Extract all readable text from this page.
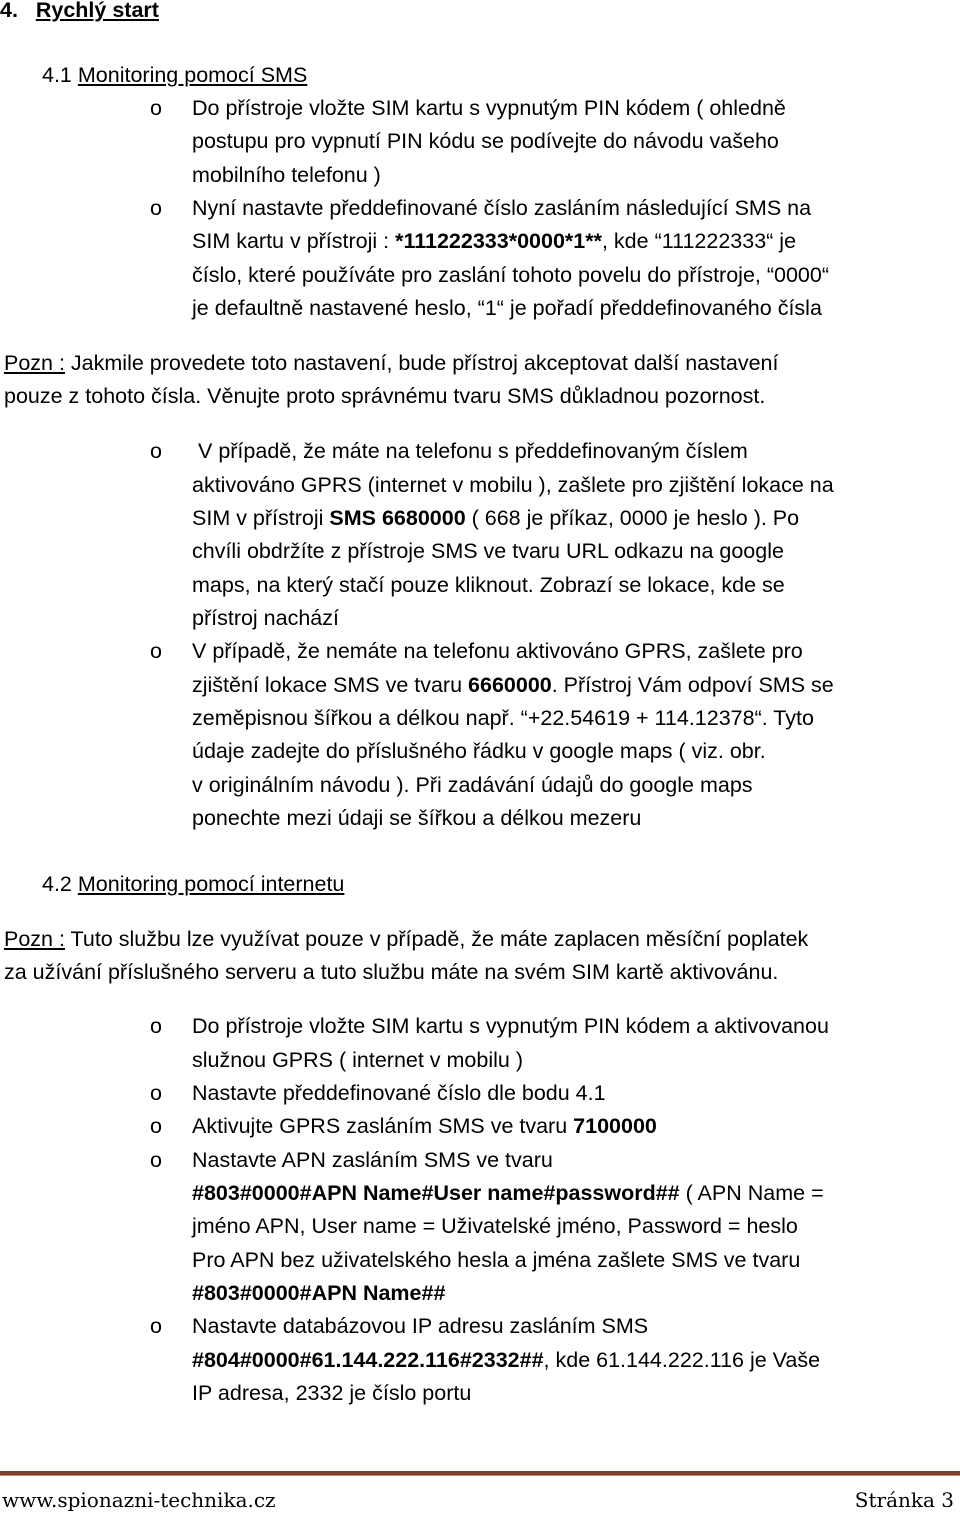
4. Rychlý start
4.1 Monitoring pomocí SMS
o Do přístroje vložte SIM kartu s vypnutým PIN kódem ( ohledně
postupu pro vypnutí PIN kódu se podívejte do návodu vašeho
mobilního telefonu )
o Nyní nastavte předdefinované číslo zasláním následující SMS na
SIM kartu v přístroji : *111222333*0000*1**, kde “111222333“ je
číslo, které používáte pro zaslání tohoto povelu do přístroje, “0000“
je defaultně nastavené heslo, “1“ je pořadí předdefinovaného čísla
Pozn : Jakmile provedete toto nastavení, bude přístroj akceptovat další nastavení
pouze z tohoto čísla. Věnujte proto správnému tvaru SMS důkladnou pozornost.
o V případě, že máte na telefonu s předdefinovaným číslem
aktivováno GPRS (internet v mobilu ), zašlete pro zjištění lokace na
SIM v přístroji SMS 6680000 ( 668 je příkaz, 0000 je heslo ). Po
chvíli obdržíte z přístroje SMS ve tvaru URL odkazu na google
maps, na který stačí pouze kliknout. Zobrazí se lokace, kde se
přístroj nachází
o V případě, že nemáte na telefonu aktivováno GPRS, zašlete pro
zjištění lokace SMS ve tvaru 6660000. Přístroj Vám odpoví SMS se
zeměpisnou šířkou a délkou např. “+22.54619 + 114.12378“. Tyto
údaje zadejte do příslušného řádku v google maps ( viz. obr.
v originálním návodu ). Při zadávání údajů do google maps
ponechte mezi údaji se šířkou a délkou mezeru
4.2 Monitoring pomocí internetu
Pozn : Tuto službu lze využívat pouze v případě, že máte zaplacen měsíční poplatek
za užívání příslušného serveru a tuto službu máte na svém SIM kartě aktivovánu.
o Do přístroje vložte SIM kartu s vypnutým PIN kódem a aktivovanou
služnou GPRS ( internet v mobilu )
o Nastavte předdefinované číslo dle bodu 4.1
o Aktivujte GPRS zasláním SMS ve tvaru 7100000
o Nastavte APN zasláním SMS ve tvaru
#803#0000#APN Name#User name#password## ( APN Name =
jméno APN, User name = Uživatelské jméno, Password = heslo
Pro APN bez uživatelského hesla a jména zašlete SMS ve tvaru
#803#0000#APN Name##
o Nastavte databázovou IP adresu zasláním SMS
#804#0000#61.144.222.116#2332##, kde 61.144.222.116 je Vaše
IP adresa, 2332 je číslo portu
www.spionazni-technika.cz	Stránka 3
